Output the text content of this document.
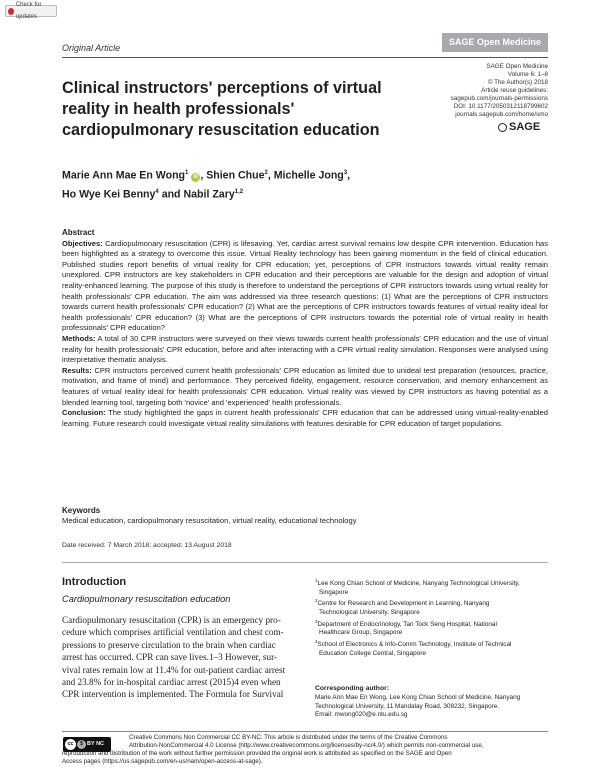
Check for updates
Original Article
SAGE Open Medicine
SAGE Open Medicine
Volume 6: 1–8
© The Author(s) 2018
Article reuse guidelines:
sagepub.com/journals-permissions
DOI: 10.1177/2050312118799602
journals.sagepub.com/home/smo
SAGE
Clinical instructors' perceptions of virtual reality in health professionals' cardiopulmonary resuscitation education
Marie Ann Mae En Wong$^1$ iD , Shien Chue$^2$, Michelle Jong$^3$,
Ho Wye Kei Benny$^4$ and Nabil Zary$^{1,2}$
Abstract

Objectives: Cardiopulmonary resuscitation (CPR) is lifesaving. Yet, cardiac arrest survival remains low despite CPR intervention. Education has been highlighted as a strategy to overcome this issue. Virtual Reality technology has been gaining momentum in the field of clinical education. Published studies report benefits of virtual reality for CPR education; yet, perceptions of CPR instructors towards virtual reality remain unexplored. CPR instructors are key stakeholders in CPR education and their perceptions are valuable for the design and adoption of virtual reality-enhanced learning. The purpose of this study is therefore to understand the perceptions of CPR instructors towards using virtual reality for health professionals' CPR education. The aim was addressed via three research questions: (1) What are the perceptions of CPR instructors towards current health professionals' CPR education? (2) What are the perceptions of CPR instructors towards features of virtual reality ideal for health professionals' CPR education? (3) What are the perceptions of CPR instructors towards the potential role of virtual reality in health professionals' CPR education?

Methods: A total of 30 CPR instructors were surveyed on their views towards current health professionals' CPR education and the use of virtual reality for health professionals' CPR education, before and after interacting with a CPR virtual reality simulation. Responses were analysed using interpretative thematic analysis.

Results: CPR instructors perceived current health professionals' CPR education as limited due to unideal test preparation (resources, practice, motivation, and frame of mind) and performance. They perceived fidelity, engagement, resource conservation, and memory enhancement as features of virtual reality ideal for health professionals' CPR education. Virtual reality was viewed by CPR instructors as having potential as a blended learning tool, targeting both 'novice' and 'experienced' health professionals.

Conclusion: The study highlighted the gaps in current health professionals' CPR education that can be addressed using virtual-reality-enabled learning. Future research could investigate virtual reality simulations with features desirable for CPR education of target populations.

Keywords
Medical education, cardiopulmonary resuscitation, virtual reality, educational technology
Date received: 7 March 2018; accepted: 13 August 2018
Introduction
Cardiopulmonary resuscitation education
Cardiopulmonary resuscitation (CPR) is an emergency pro-
cedure which comprises artificial ventilation and chest com-
pressions to preserve circulation to the brain when cardiac
arrest has occurred. CPR can save lives.1–3 However, sur-
vival rates remain low at 11.4% for out-patient cardiac arrest
and 23.8% for in-hospital cardiac arrest (2015)4 even when
CPR intervention is implemented. The Formula for Survival

$^1$Lee Kong Chian School of Medicine, Nanyang Technological University,
Singapore

$^2$Centre for Research and Development in Learning, Nanyang
Technological University, Singapore

$^3$Department of Endocrinology, Tan Tock Seng Hospital, National
Healthcare Group, Singapore

$^4$School of Electronics & Info-Comm Technology, Institute of Technical
Education College Central, Singapore

Corresponding author:
Marie Ann Mae En Wong, Lee Kong Chian School of Medicine, Nanyang
Technological University, 11 Mandalay Road, 308232, Singapore.
Email: mwong020@e.ntu.edu.sg
cc	$ BY NC
Creative Commons Non Commercial CC BY-NC: This article is distributed under the terms of the Creative Commons
Attribution-NonCommercial 4.0 License (http://www.creativecommons.org/licenses/by-nc/4.0/) which permits non-commercial use,
reproduction and distribution of the work without further permission provided the original work is attributed as specified on the SAGE and Open
Access pages (https://us.sagepub.com/en-us/nam/open-access-at-sage).
